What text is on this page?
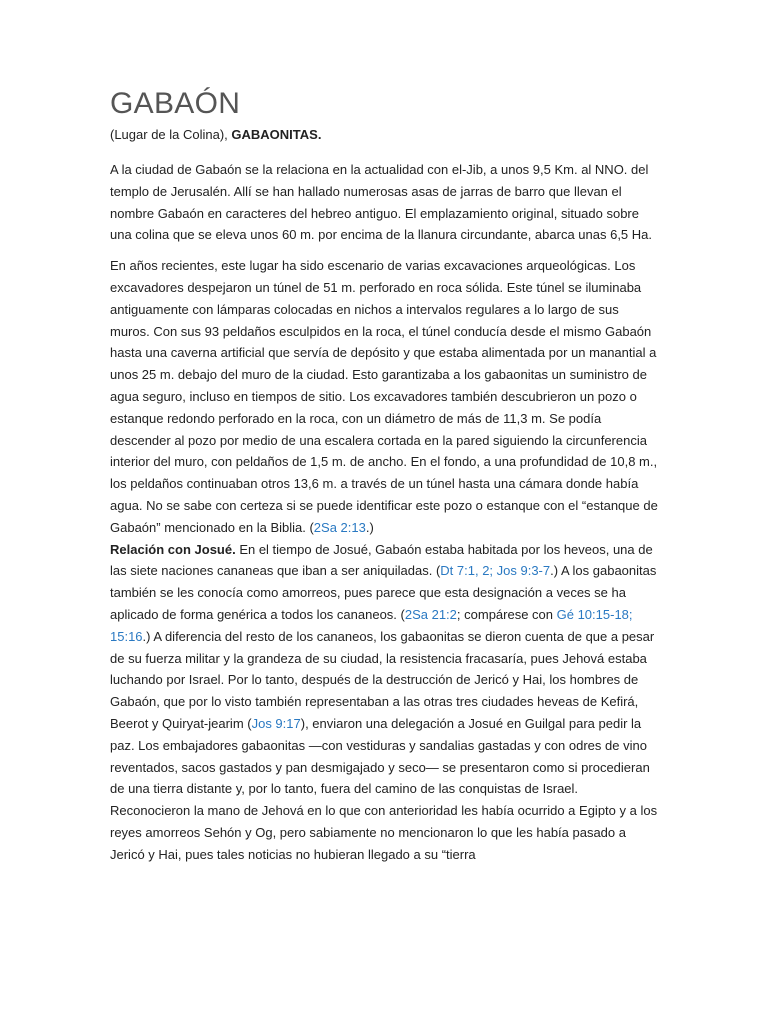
GABAÓN
(Lugar de la Colina), GABAONITAS.

A la ciudad de Gabaón se la relaciona en la actualidad con el-Jib, a unos 9,5 Km. al NNO. del templo de Jerusalén. Allí se han hallado numerosas asas de jarras de barro que llevan el nombre Gabaón en caracteres del hebreo antiguo. El emplazamiento original, situado sobre una colina que se eleva unos 60 m. por encima de la llanura circundante, abarca unas 6,5 Ha.

En años recientes, este lugar ha sido escenario de varias excavaciones arqueológicas. Los excavadores despejaron un túnel de 51 m. perforado en roca sólida. Este túnel se iluminaba antiguamente con lámparas colocadas en nichos a intervalos regulares a lo largo de sus muros. Con sus 93 peldaños esculpidos en la roca, el túnel conducía desde el mismo Gabaón hasta una caverna artificial que servía de depósito y que estaba alimentada por un manantial a unos 25 m. debajo del muro de la ciudad. Esto garantizaba a los gabaonitas un suministro de agua seguro, incluso en tiempos de sitio. Los excavadores también descubrieron un pozo o estanque redondo perforado en la roca, con un diámetro de más de 11,3 m. Se podía descender al pozo por medio de una escalera cortada en la pared siguiendo la circunferencia interior del muro, con peldaños de 1,5 m. de ancho. En el fondo, a una profundidad de 10,8 m., los peldaños continuaban otros 13,6 m. a través de un túnel hasta una cámara donde había agua. No se sabe con certeza si se puede identificar este pozo o estanque con el “estanque de Gabaón” mencionado en la Biblia. (2Sa 2:13.)

Relación con Josué. En el tiempo de Josué, Gabaón estaba habitada por los heveos, una de las siete naciones cananeas que iban a ser aniquiladas. (Dt 7:1, 2; Jos 9:3-7.) A los gabaonitas también se les conocía como amorreos, pues parece que esta designación a veces se ha aplicado de forma genérica a todos los cananeos. (2Sa 21:2; compárese con Gé 10:15-18; 15:16.) A diferencia del resto de los cananeos, los gabaonitas se dieron cuenta de que a pesar de su fuerza militar y la grandeza de su ciudad, la resistencia fracasaría, pues Jehová estaba luchando por Israel. Por lo tanto, después de la destrucción de Jericó y Hai, los hombres de Gabaón, que por lo visto también representaban a las otras tres ciudades heveas de Kefirá, Beerot y Quiryat-jearim (Jos 9:17), enviaron una delegación a Josué en Guilgal para pedir la paz. Los embajadores gabaonitas —con vestiduras y sandalias gastadas y con odres de vino reventados, sacos gastados y pan desmigajado y seco— se presentaron como si procedieran de una tierra distante y, por lo tanto, fuera del camino de las conquistas de Israel. Reconocieron la mano de Jehová en lo que con anterioridad les había ocurrido a Egipto y a los reyes amorreos Sehón y Og, pero sabiamente no mencionaron lo que les había pasado a Jericó y Hai, pues tales noticias no hubieran llegado a su “tierra
